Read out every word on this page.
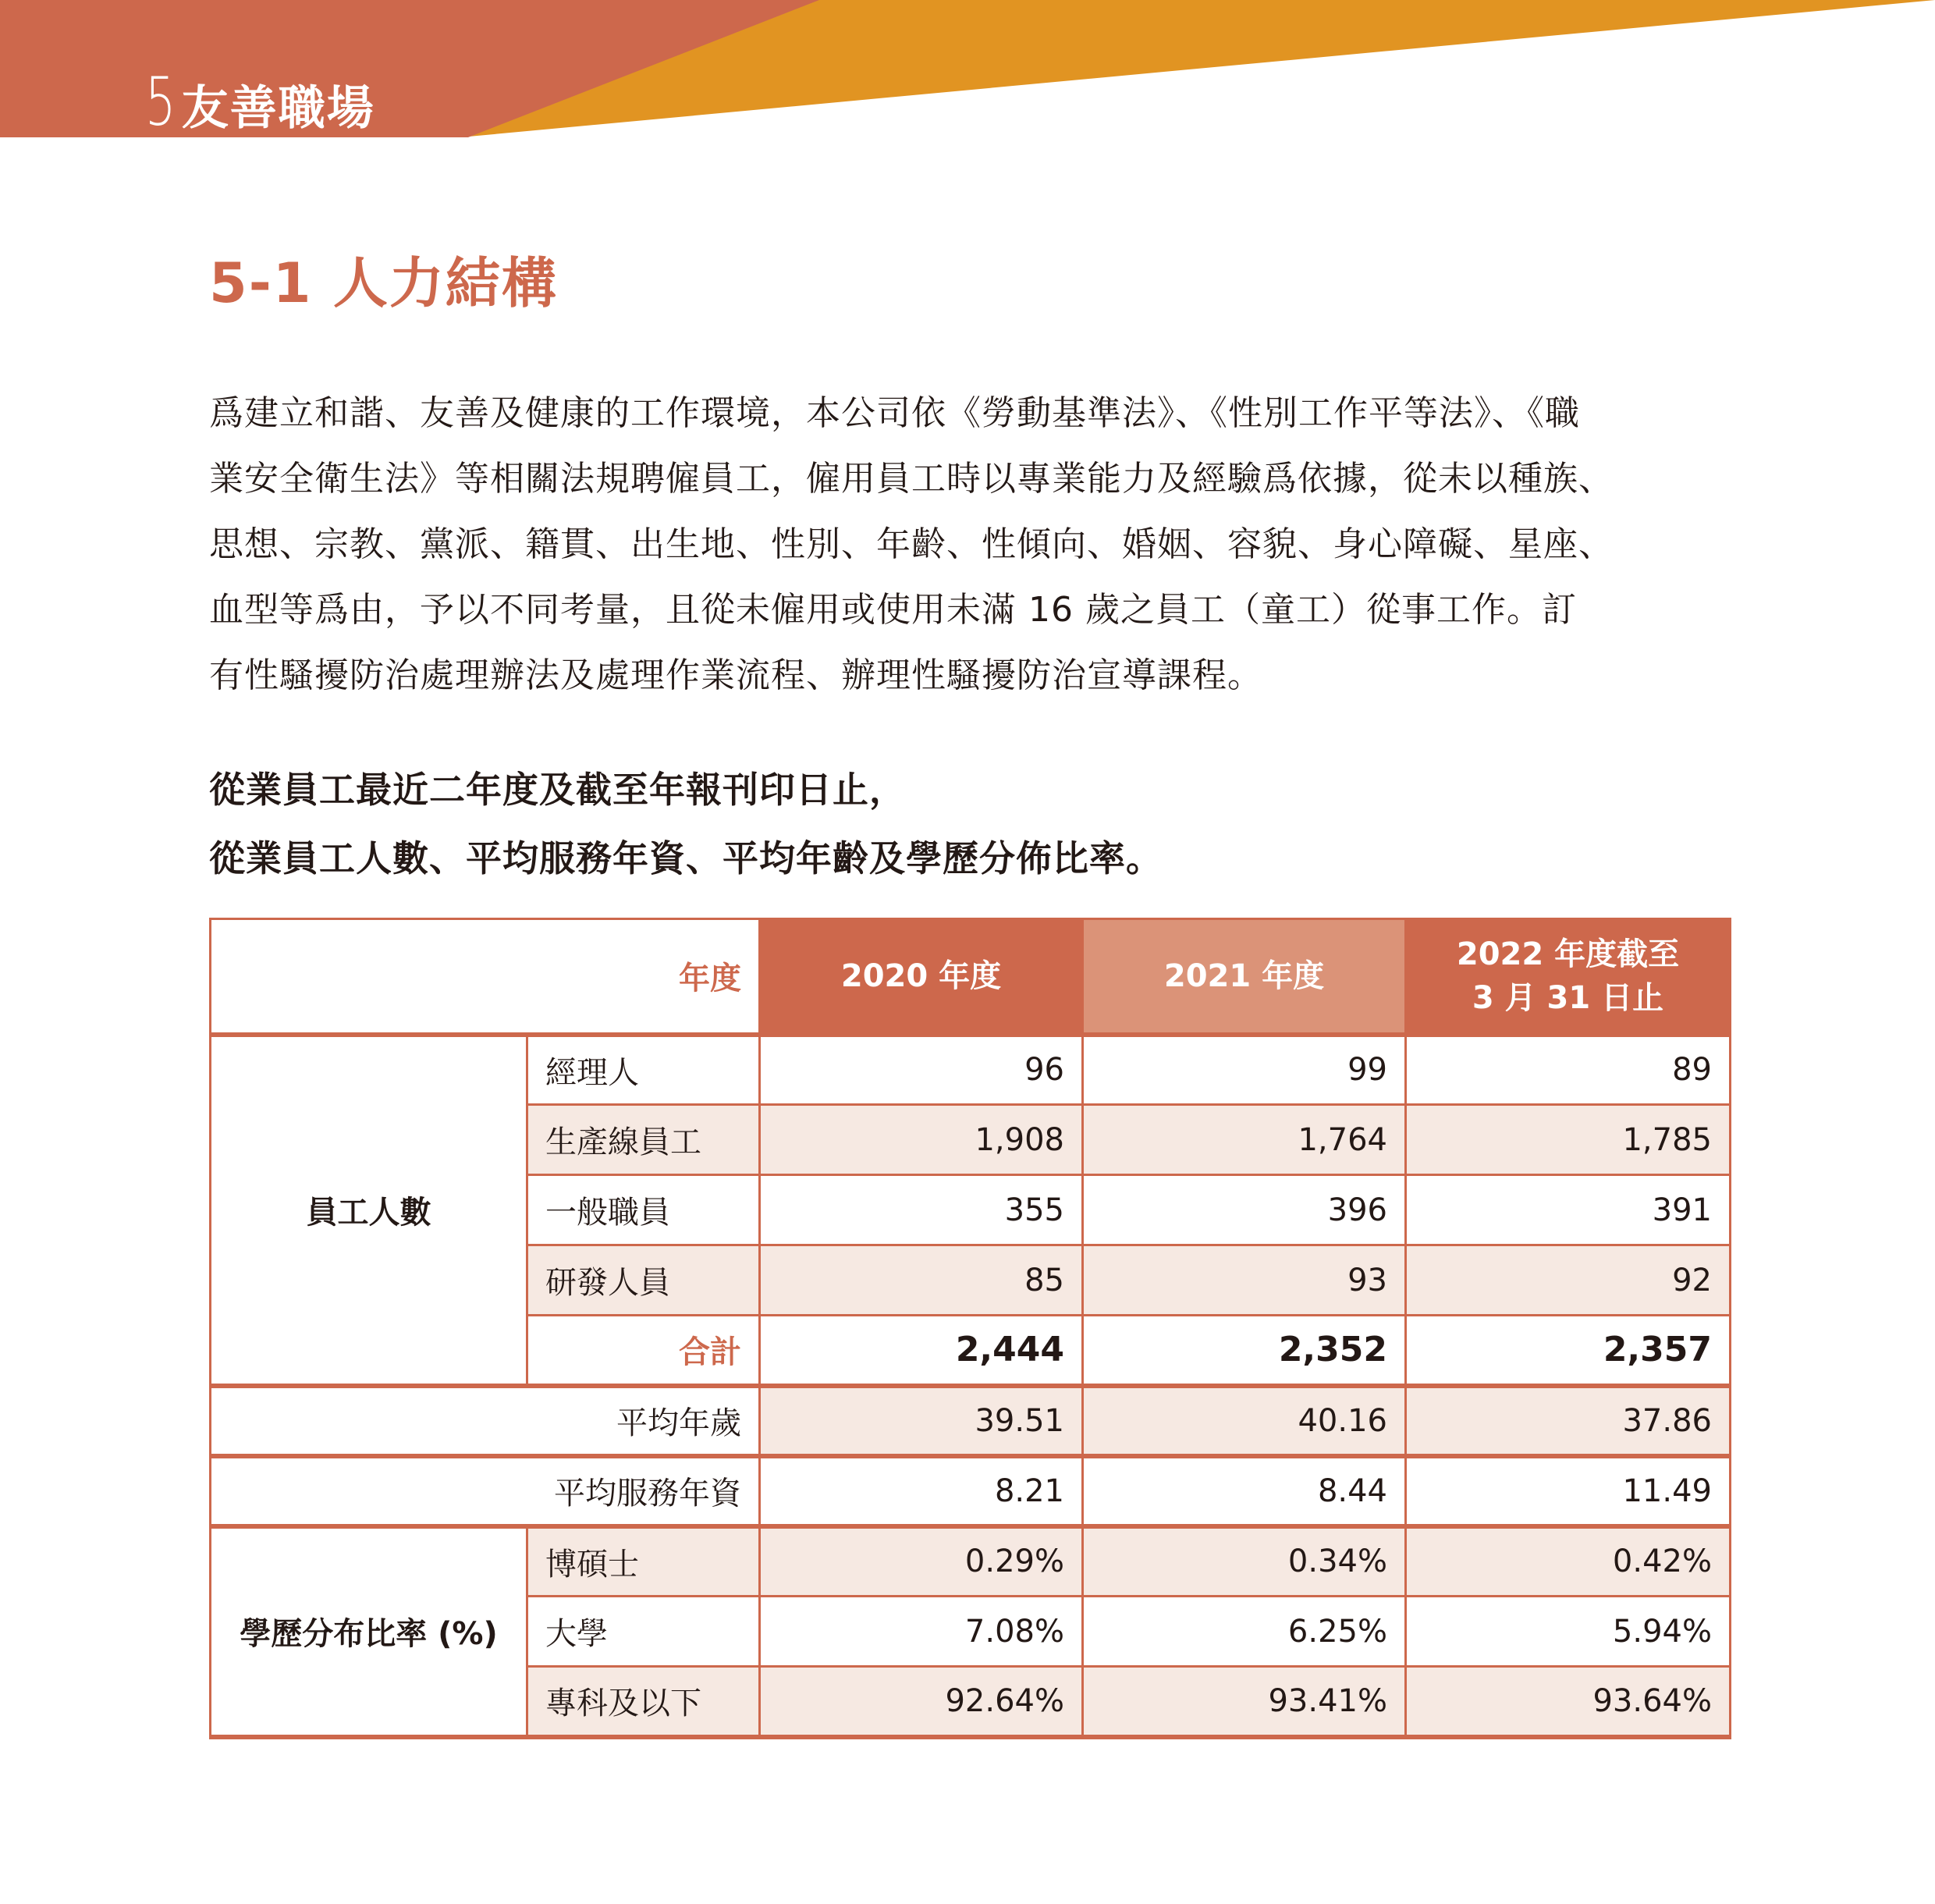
5 友善職場
5-1 人力結構
爲建立和諧、友善及健康的工作環境，本公司依《勞動基準法》、《性別工作平等法》、《職
業安全衛生法》等相關法規聘僱員工，僱用員工時以專業能力及經驗爲依據，從未以種族、
思想、宗教、黨派、籍貫、出生地、性別、年齡、性傾向、婚姻、容貌、身心障礙、星座、
血型等爲由，予以不同考量，且從未僱用或使用未滿 16 歲之員工（童工）從事工作。訂
有性騷擾防治處理辦法及處理作業流程、辦理性騷擾防治宣導課程。
從業員工最近二年度及截至年報刊印日止，
從業員工人數、平均服務年資、平均年齡及學歷分佈比率。
年度		2020 年度	2021 年度	2022 年度截至
3 月 31 日止

員工人數	經理人	96	99	89
	生產線員工	1,908	1,764	1,785
	一般職員	355	396	391
	研發人員	85	93	92
	合計	2,444	2,352	2,357
平均年歲		39.51	40.16	37.86
平均服務年資		8.21	8.44	11.49
學歷分布比率 (%)	博碩士	0.29%	0.34%	0.42%
	大學	7.08%	6.25%	5.94%
	專科及以下	92.64%	93.41%	93.64%
